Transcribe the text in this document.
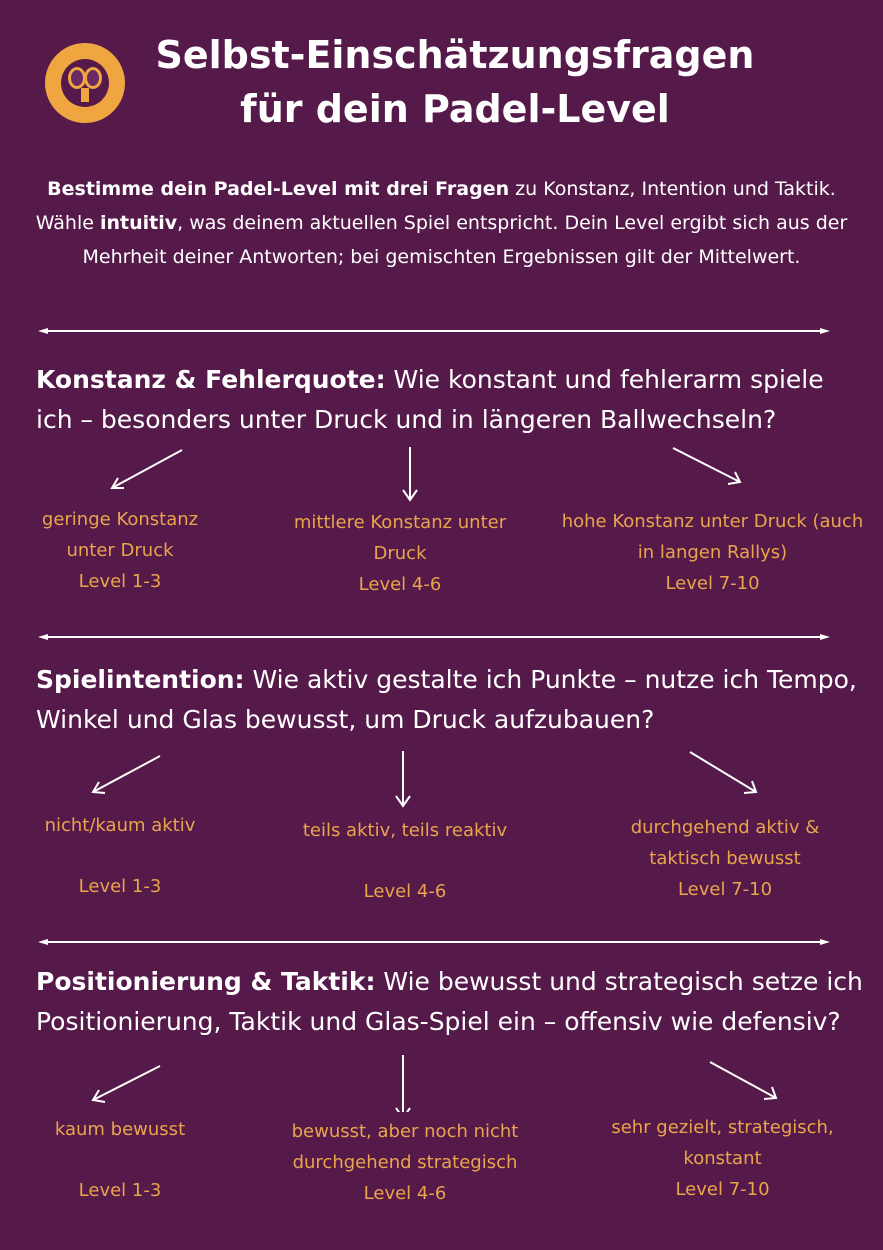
Selbst-Einschätzungsfragen
für dein Padel-Level

Bestimme dein Padel-Level mit drei Fragen zu Konstanz, Intention und Taktik. Wähle intuitiv, was deinem aktuellen Spiel entspricht. Dein Level ergibt sich aus der Mehrheit deiner Antworten; bei gemischten Ergebnissen gilt der Mittelwert.

Konstanz & Fehlerquote: Wie konstant und fehlerarm spiele ich – besonders unter Druck und in längeren Ballwechseln?
geringe Konstanz unter Druck
Level 1-3
mittlere Konstanz unter Druck
Level 4-6
hohe Konstanz unter Druck (auch in langen Rallys)
Level 7-10
Spielintention: Wie aktiv gestalte ich Punkte – nutze ich Tempo, Winkel und Glas bewusst, um Druck aufzubauen?
nicht/kaum aktiv
Level 1-3
teils aktiv, teils reaktiv
Level 4-6
durchgehend aktiv & taktisch bewusst
Level 7-10
Positionierung & Taktik: Wie bewusst und strategisch setze ich Positionierung, Taktik und Glas-Spiel ein – offensiv wie defensiv?
kaum bewusst
Level 1-3
bewusst, aber noch nicht durchgehend strategisch
Level 4-6
sehr gezielt, strategisch, konstant
Level 7-10
